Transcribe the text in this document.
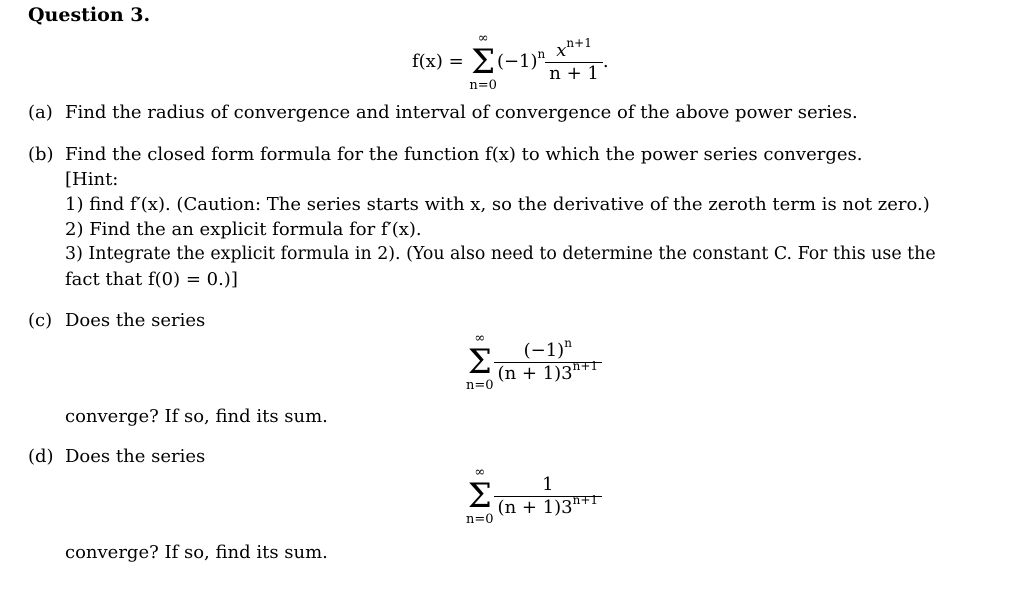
Question 3.
f(x) =
∞
Σ
n=0
$(-1)^n \frac{x^{n+1}}{n + 1}$ .
(a) Find the radius of convergence and interval of convergence of the above power series.
(b) Find the closed form formula for the function f(x) to which the power series converges.
[Hint:
1) find f′(x). (Caution: The series starts with x, so the derivative of the zeroth term is not zero.)
2) Find the an explicit formula for f′(x).
3) Integrate the explicit formula in 2). (You also need to determine the constant C. For this use the
fact that f(0) = 0.)]
(c) Does the series
∞
Σ
n=0
$\frac{(-1)^n}{(n + 1)3^{n+1}}$
converge? If so, find its sum.
(d) Does the series
∞
Σ
n=0
$\frac{1}{(n + 1)3^{n+1}}$
converge? If so, find its sum.
